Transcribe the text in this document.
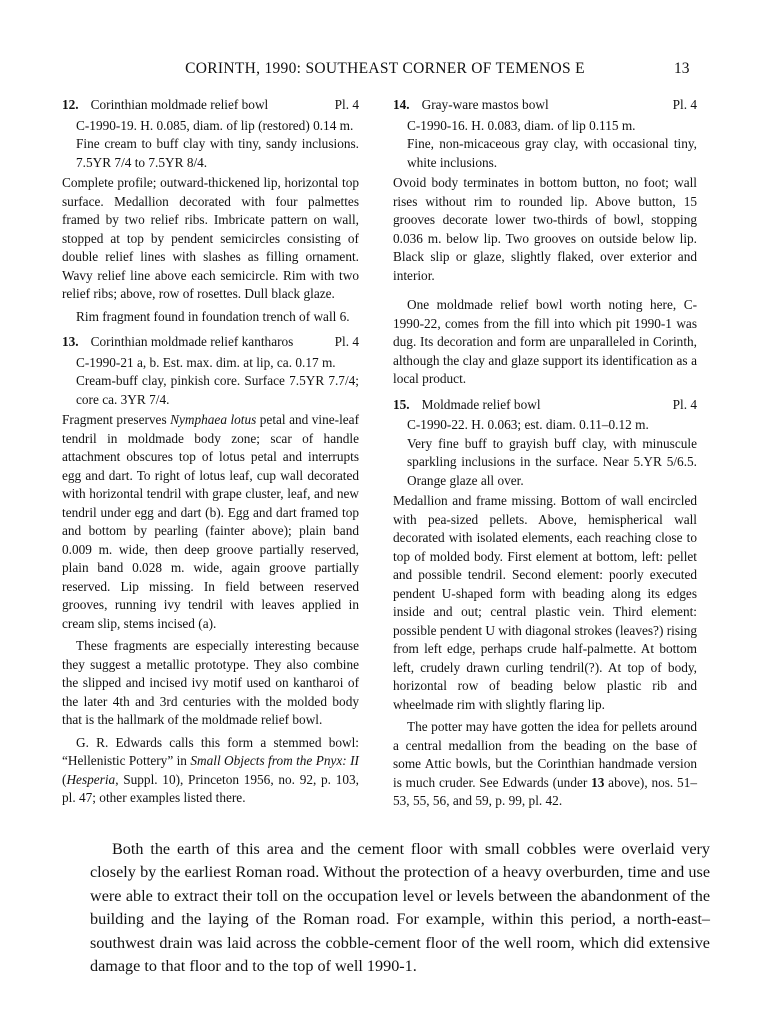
CORINTH, 1990: SOUTHEAST CORNER OF TEMENOS E	13
12. Corinthian moldmade relief bowl	Pl. 4

C-1990-19. H. 0.085, diam. of lip (restored) 0.14 m.

Fine cream to buff clay with tiny, sandy inclusions. 7.5YR 7/4 to 7.5YR 8/4.

Complete profile; outward-thickened lip, horizontal top surface. Medallion decorated with four palmettes framed by two relief ribs. Imbricate pattern on wall, stopped at top by pendent semicircles consisting of double relief lines with slashes as filling ornament. Wavy relief line above each semicircle. Rim with two relief ribs; above, row of rosettes. Dull black glaze.

Rim fragment found in foundation trench of wall 6.

13. Corinthian moldmade relief kantharos	Pl. 4

C-1990-21 a, b. Est. max. dim. at lip, ca. 0.17 m.

Cream-buff clay, pinkish core. Surface 7.5YR 7.7/4; core ca. 3YR 7/4.

Fragment preserves Nymphaea lotus petal and vine-leaf tendril in moldmade body zone; scar of handle attachment obscures top of lotus petal and interrupts egg and dart. To right of lotus leaf, cup wall decorated with horizontal tendril with grape cluster, leaf, and new tendril under egg and dart (b). Egg and dart framed top and bottom by pearling (fainter above); plain band 0.009 m. wide, then deep groove partially reserved, plain band 0.028 m. wide, again groove partially reserved. Lip missing. In field between reserved grooves, running ivy tendril with leaves applied in cream slip, stems incised (a).

These fragments are especially interesting because they suggest a metallic prototype. They also combine the slipped and incised ivy motif used on kantharoi of the later 4th and 3rd centuries with the molded body that is the hallmark of the moldmade relief bowl.

G. R. Edwards calls this form a stemmed bowl: “Hellenistic Pottery” in Small Objects from the Pnyx: II (Hesperia, Suppl. 10), Princeton 1956, no. 92, p. 103, pl. 47; other examples listed there.

14. Gray-ware mastos bowl	Pl. 4

C-1990-16. H. 0.083, diam. of lip 0.115 m.

Fine, non-micaceous gray clay, with occasional tiny, white inclusions.

Ovoid body terminates in bottom button, no foot; wall rises without rim to rounded lip. Above button, 15 grooves decorate lower two-thirds of bowl, stopping 0.036 m. below lip. Two grooves on outside below lip. Black slip or glaze, slightly flaked, over exterior and interior.

One moldmade relief bowl worth noting here, C-1990-22, comes from the fill into which pit 1990-1 was dug. Its decoration and form are unparalleled in Corinth, although the clay and glaze support its identification as a local product.

15. Moldmade relief bowl	Pl. 4

C-1990-22. H. 0.063; est. diam. 0.11–0.12 m.

Very fine buff to grayish buff clay, with minuscule sparkling inclusions in the surface. Near 5.YR 5/6.5. Orange glaze all over.

Medallion and frame missing. Bottom of wall encircled with pea-sized pellets. Above, hemispherical wall decorated with isolated elements, each reaching close to top of molded body. First element at bottom, left: pellet and possible tendril. Second element: poorly executed pendent U-shaped form with beading along its edges inside and out; central plastic vein. Third element: possible pendent U with diagonal strokes (leaves?) rising from left edge, perhaps crude half-palmette. At bottom left, crudely drawn curling tendril(?). At top of body, horizontal row of beading below plastic rib and wheelmade rim with slightly flaring lip.

The potter may have gotten the idea for pellets around a central medallion from the beading on the base of some Attic bowls, but the Corinthian handmade version is much cruder. See Edwards (under 13 above), nos. 51–53, 55, 56, and 59, p. 99, pl. 42.

Both the earth of this area and the cement floor with small cobbles were overlaid very closely by the earliest Roman road. Without the protection of a heavy overburden, time and use were able to extract their toll on the occupation level or levels between the abandonment of the building and the laying of the Roman road. For example, within this period, a north-east–southwest drain was laid across the cobble-cement floor of the well room, which did extensive damage to that floor and to the top of well 1990-1.
